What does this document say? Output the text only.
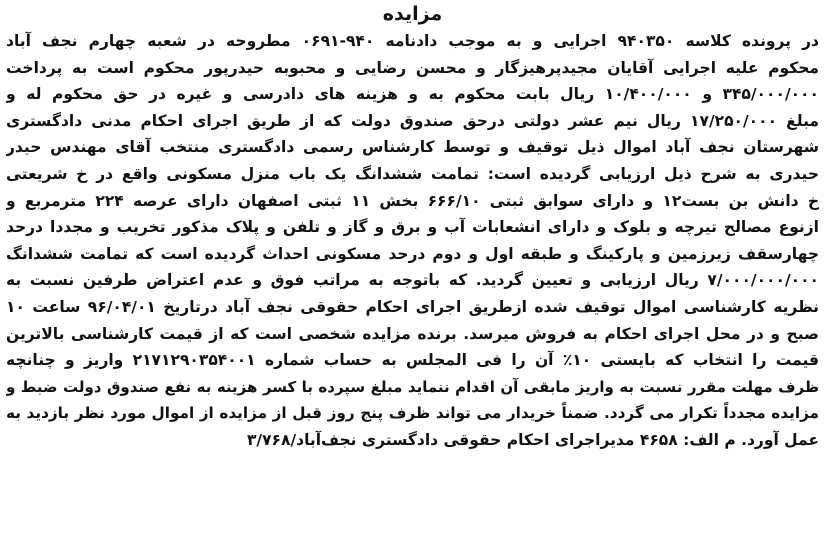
مزایده
در پرونده کلاسه ۹۴۰۳۵۰ اجرایی و به موجب دادنامه ۹۴۰-۰۶۹۱ مطروحه در شعبه چهارم نجف آباد
محکوم علیه اجرایی آقایان مجیدپرهیزگار و محسن رضایی و محبوبه حیدرپور محکوم است به پرداخت
۳۴۵/۰۰۰/۰۰۰ و ۱۰/۴۰۰/۰۰۰ ریال بابت محکوم به و هزینه های دادرسی و غیره در حق محکوم له و
مبلغ ۱۷/۲۵۰/۰۰۰ ریال نیم عشر دولتی درحق صندوق دولت که از طریق اجرای احکام مدنی دادگستری
شهرستان نجف آباد اموال ذیل توقیف و توسط کارشناس رسمی دادگستری منتخب آقای مهندس حیدر
حیدری به شرح ذیل ارزیابی گردیده است: تمامت ششدانگ یک باب منزل مسکونی واقع در خ شریعتی
خ دانش بن بست۱۲ و دارای سوابق ثبتی ۶۶۶/۱۰ بخش ۱۱ ثبتی اصفهان دارای عرصه ۲۲۴ مترمربع و
ازنوع مصالح تیرچه و بلوک و دارای انشعابات آب و برق و گاز و تلفن و پلاک مذکور تخریب و مجددا درحد
چهارسقف زیرزمین و پارکینگ و طبقه اول و دوم درحد مسکونی احداث گردیده است که تمامت ششدانگ
۷/۰۰۰/۰۰۰/۰۰۰ ریال ارزیابی و تعیین گردید. که باتوجه به مراتب فوق و عدم اعتراض طرفین نسبت به
نظریه کارشناسی اموال توقیف شده ازطریق اجرای احکام حقوقی نجف آباد درتاریخ ۹۶/۰۴/۰۱ ساعت ۱۰
صبح و در محل اجرای احکام به فروش میرسد. برنده مزایده شخصی است که از قیمت کارشناسی بالاترین
قیمت را انتخاب که بایستی ۱۰٪ آن را فی المجلس به حساب شماره ۲۱۷۱۲۹۰۳۵۴۰۰۱ واریز و چنانچه
ظرف مهلت مقرر نسبت به واریز مابقی آن اقدام ننماید مبلغ سپرده با کسر هزینه به نفع صندوق دولت ضبط و
مزایده مجدداً تکرار می گردد. ضمناً خریدار می تواند ظرف پنج روز قبل از مزایده از اموال مورد نظر بازدید به
عمل آورد. م الف: ۴۶۵۸ مدیراجرای احکام حقوقی دادگستری نجف‌آباد/۳/۷۶۸
